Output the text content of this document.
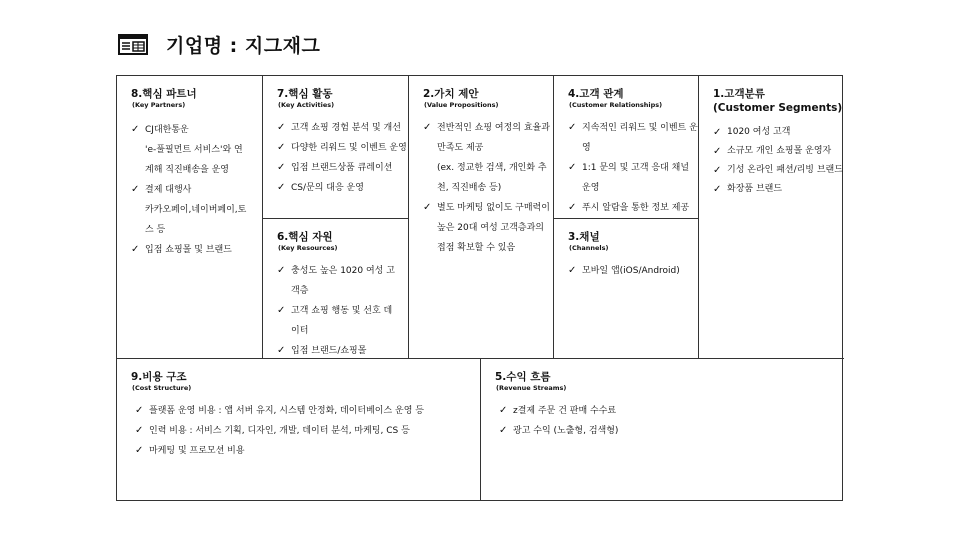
기업명 : 지그재그
8.핵심 파트너
(Key Partners)
✓ CJ대한통운
'e-풀필먼트 서비스'와 연
계해 직진배송을 운영
✓ 결제 대행사
카카오페이,네이버페이,토
스 등
✓ 입점 쇼핑몰 및 브랜드
7.핵심 활동
(Key Activities)
✓ 고객 쇼핑 경험 분석 및 개선
✓ 다양한 리워드 및 이벤트 운영
✓ 입점 브랜드상품 큐레이션
✓ CS/문의 대응 운영
6.핵심 자원
(Key Resources)
✓ 충성도 높은 1020 여성 고
객층
✓ 고객 쇼핑 행동 및 선호 데
이터
✓ 입점 브랜드/쇼핑몰
2.가치 제안
(Value Propositions)
✓ 전반적인 쇼핑 여정의 효율과
만족도 제공
(ex. 정교한 검색, 개인화 추
천, 직진배송 등)
✓ 별도 마케팅 없이도 구매력이
높은 20대 여성 고객층과의
접점 확보할 수 있음
4.고객 관계
(Customer Relationships)
✓ 지속적인 리워드 및 이벤트 운
영
✓ 1:1 문의 및 고객 응대 채널
운영
✓ 푸시 알람을 통한 정보 제공
3.채널
(Channels)
✓ 모바일 앱(iOS/Android)
1.고객분류
(Customer Segments)
✓ 1020 여성 고객
✓ 소규모 개인 쇼핑몰 운영자
✓ 기성 온라인 패션/리빙 브랜드
✓ 화장품 브랜드
9.비용 구조
(Cost Structure)
✓ 플랫폼 운영 비용 : 앱 서버 유지, 시스템 안정화, 데이터베이스 운영 등
✓ 인력 비용 : 서비스 기획, 디자인, 개발, 데이터 분석, 마케팅, CS 등
✓ 마케팅 및 프로모션 비용
5.수익 흐름
(Revenue Streams)
✓ z결제 주문 건 판매 수수료
✓ 광고 수익 (노출형, 검색형)
